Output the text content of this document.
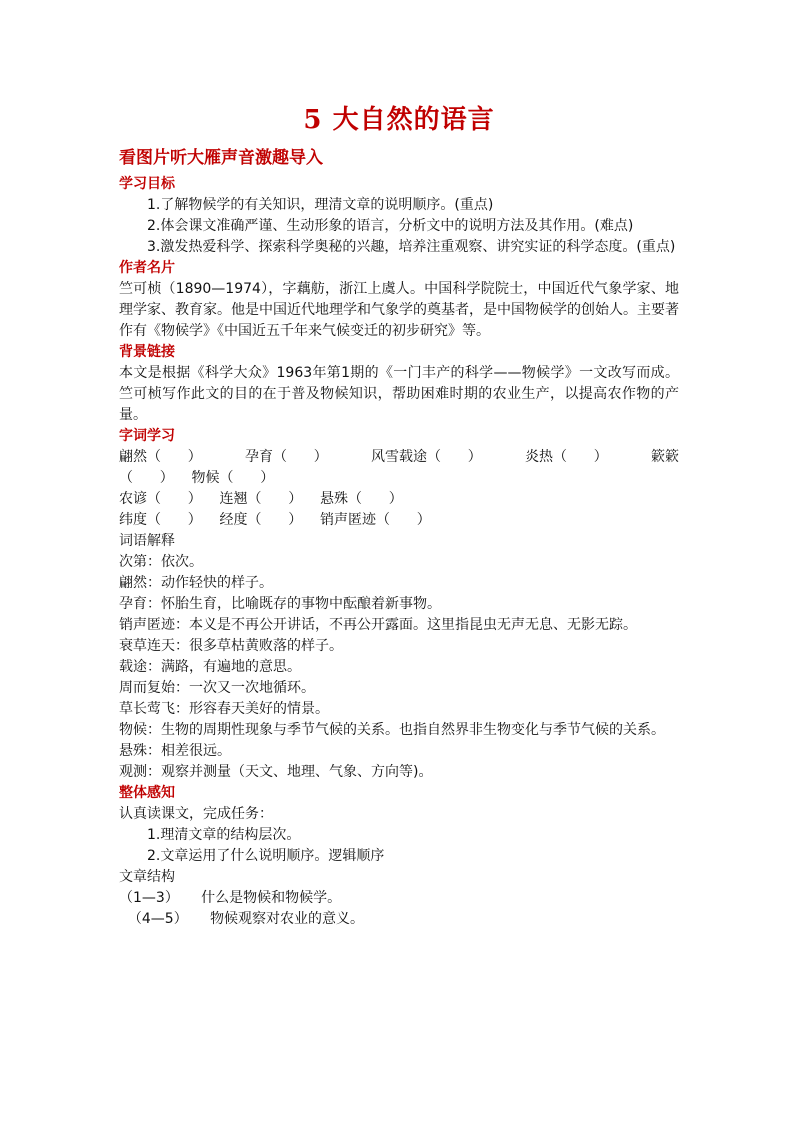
5 大自然的语言
看图片听大雁声音激趣导入
学习目标

1.了解物候学的有关知识，理清文章的说明顺序。(重点)

2.体会课文准确严谨、生动形象的语言，分析文中的说明方法及其作用。(难点)

3.激发热爱科学、探索科学奥秘的兴趣，培养注重观察、讲究实证的科学态度。(重点)

作者名片

竺可桢（1890—1974），字藕舫，浙江上虞人。中国科学院院士，中国近代气象学家、地理学家、教育家。他是中国近代地理学和气象学的奠基者，是中国物候学的创始人。主要著作有《物候学》《中国近五千年来气候变迁的初步研究》等。

背景链接

本文是根据《科学大众》1963年第1期的《一门丰产的科学——物候学》一文改写而成。竺可桢写作此文的目的在于普及物候知识，帮助困难时期的农业生产，以提高农作物的产量。

字词学习
翩然（      ）	孕育（      ）	风雪载途（      ）	炎热（      ）	簌簌
（      ） 物候（      ）
农谚（      ） 连翘（      ） 悬殊（      ）
纬度（      ） 经度（      ） 销声匿迹（      ）

词语解释

次第：依次。

翩然：动作轻快的样子。

孕育：怀胎生育，比喻既存的事物中酝酿着新事物。

销声匿迹：本义是不再公开讲话，不再公开露面。这里指昆虫无声无息、无影无踪。

衰草连天：很多草枯黄败落的样子。

载途：满路，有遍地的意思。

周而复始：一次又一次地循环。

草长莺飞：形容春天美好的情景。

物候：生物的周期性现象与季节气候的关系。也指自然界非生物变化与季节气候的关系。

悬殊：相差很远。

观测：观察并测量（天文、地理、气象、方向等)。

整体感知

认真读课文，完成任务：

1.理清文章的结构层次。

2.文章运用了什么说明顺序。逻辑顺序

文章结构

（1—3）     什么是物候和物候学。

（4—5）     物候观察对农业的意义。
